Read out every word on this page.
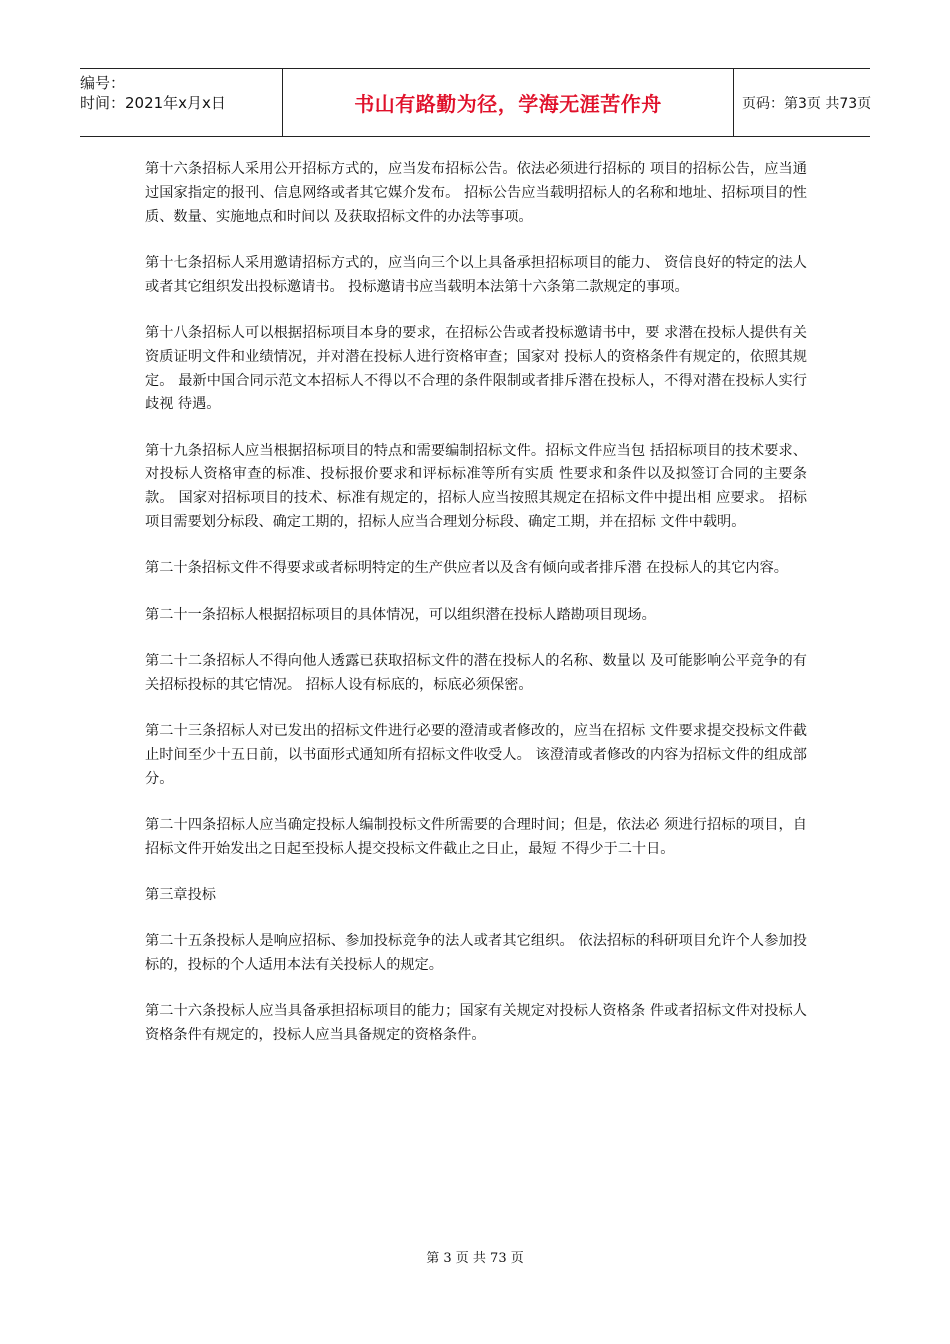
编号：
时间：2021年x月x日	书山有路勤为径，学海无涯苦作舟	页码：第3页 共73页

第十六条招标人采用公开招标方式的，应当发布招标公告。依法必须进行招标的 项目的招标公告，应当通过国家指定的报刊、信息网络或者其它媒介发布。 招标公告应当载明招标人的名称和地址、招标项目的性质、数量、实施地点和时间以 及获取招标文件的办法等事项。

第十七条招标人采用邀请招标方式的，应当向三个以上具备承担招标项目的能力、 资信良好的特定的法人或者其它组织发出投标邀请书。 投标邀请书应当载明本法第十六条第二款规定的事项。

第十八条招标人可以根据招标项目本身的要求，在招标公告或者投标邀请书中，要 求潜在投标人提供有关资质证明文件和业绩情况，并对潜在投标人进行资格审查；国家对 投标人的资格条件有规定的，依照其规定。 最新中国合同示范文本招标人不得以不合理的条件限制或者排斥潜在投标人，不得对潜在投标人实行歧视 待遇。

第十九条招标人应当根据招标项目的特点和需要编制招标文件。招标文件应当包 括招标项目的技术要求、对投标人资格审查的标准、投标报价要求和评标标准等所有实质 性要求和条件以及拟签订合同的主要条款。 国家对招标项目的技术、标准有规定的，招标人应当按照其规定在招标文件中提出相 应要求。 招标项目需要划分标段、确定工期的，招标人应当合理划分标段、确定工期，并在招标 文件中载明。

第二十条招标文件不得要求或者标明特定的生产供应者以及含有倾向或者排斥潜 在投标人的其它内容。

第二十一条招标人根据招标项目的具体情况，可以组织潜在投标人踏勘项目现场。

第二十二条招标人不得向他人透露已获取招标文件的潜在投标人的名称、数量以 及可能影响公平竞争的有关招标投标的其它情况。 招标人设有标底的，标底必须保密。

第二十三条招标人对已发出的招标文件进行必要的澄清或者修改的，应当在招标 文件要求提交投标文件截止时间至少十五日前，以书面形式通知所有招标文件收受人。 该澄清或者修改的内容为招标文件的组成部分。

第二十四条招标人应当确定投标人编制投标文件所需要的合理时间；但是，依法必 须进行招标的项目，自招标文件开始发出之日起至投标人提交投标文件截止之日止，最短 不得少于二十日。

第三章投标

第二十五条投标人是响应招标、参加投标竞争的法人或者其它组织。 依法招标的科研项目允许个人参加投标的，投标的个人适用本法有关投标人的规定。

第二十六条投标人应当具备承担招标项目的能力；国家有关规定对投标人资格条 件或者招标文件对投标人资格条件有规定的，投标人应当具备规定的资格条件。

第 3 页 共 73 页
